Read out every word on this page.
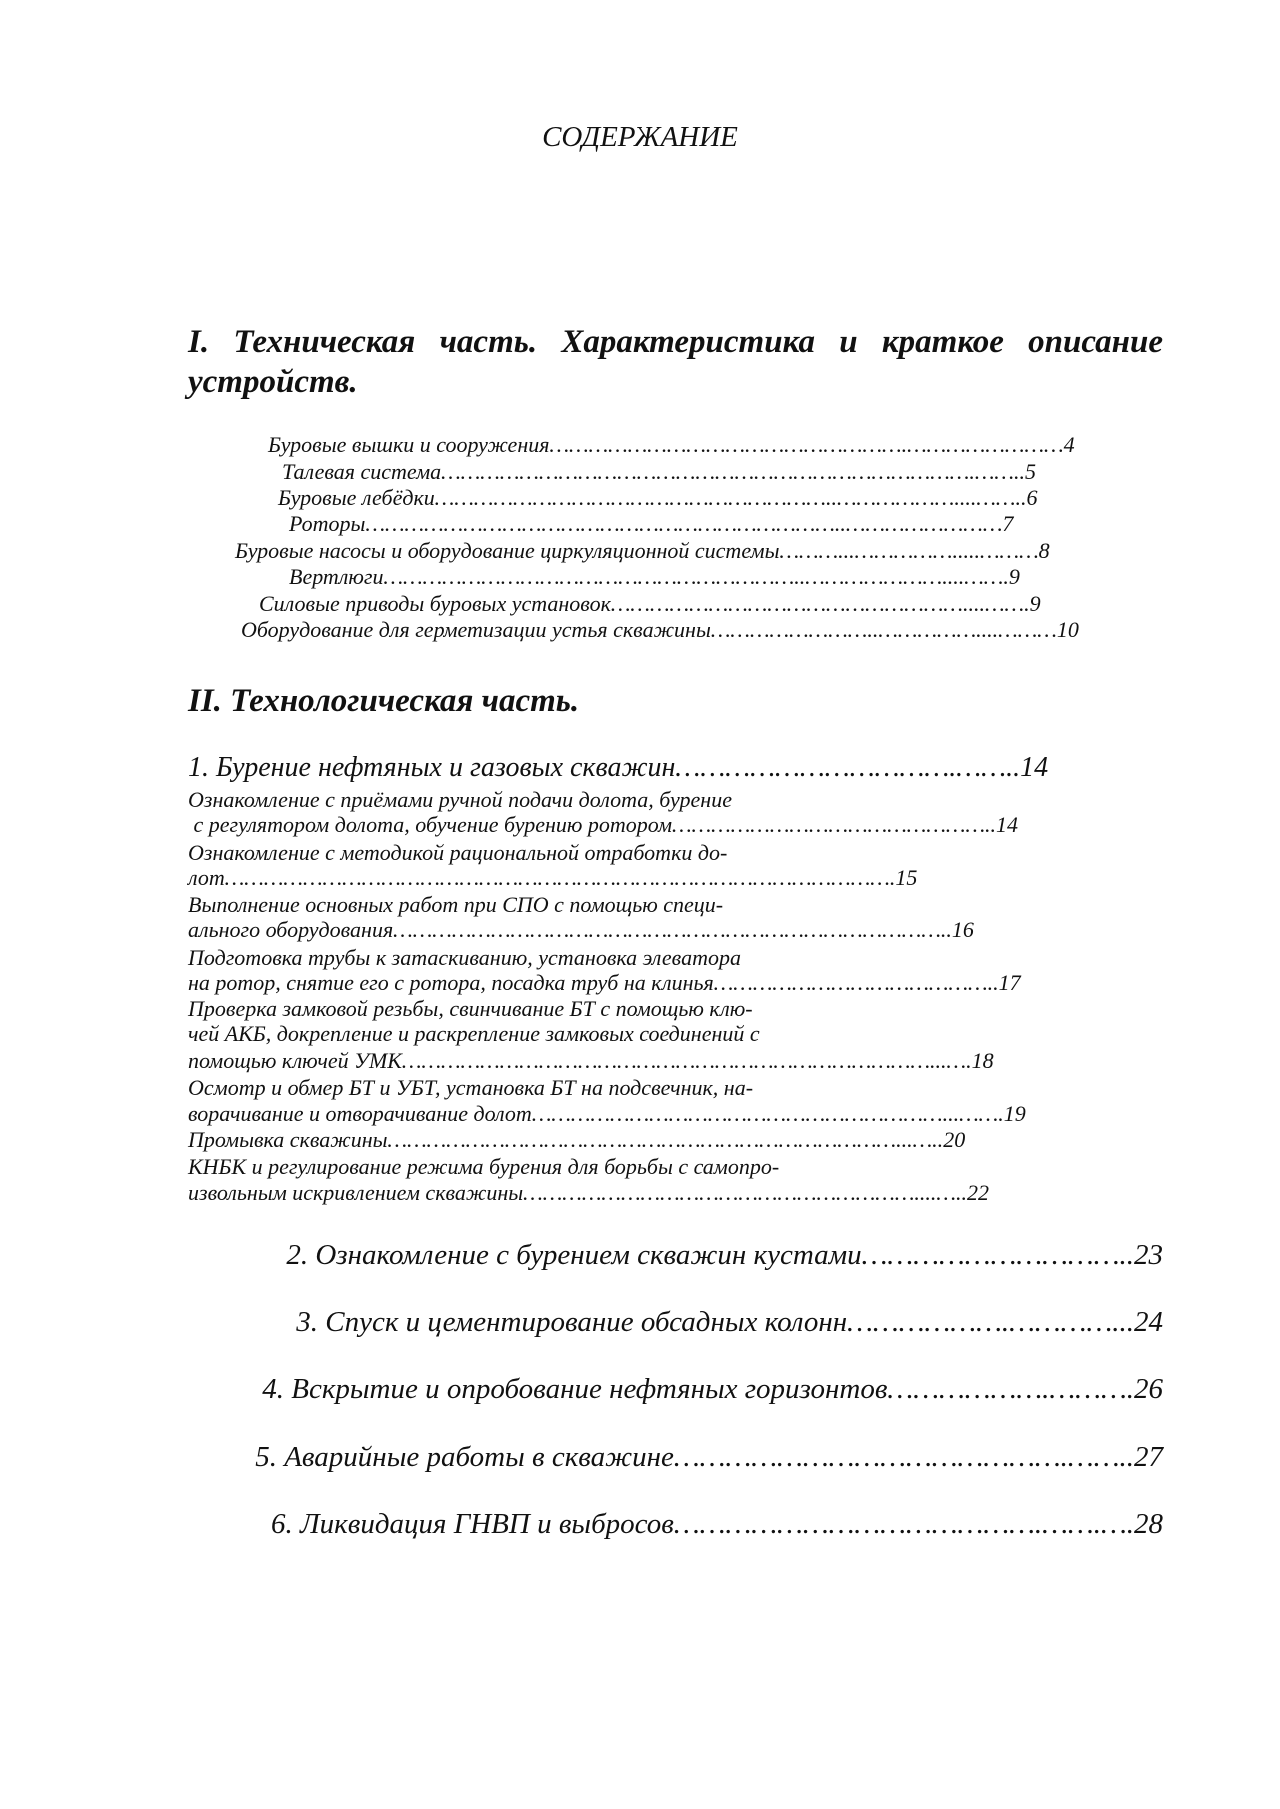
СОДЕРЖАНИЕ
I. Техническая часть. Характеристика и краткое описание устройств.
Буровые вышки и сооружения……………………………………………….……………………4
Талевая система……………………………………………………………………….……..5
Буровые лебёдки……………………………………………………..………………....……..6
Роторы………………………………………………………………..……………………7
Буровые насосы и оборудование циркуляционной системы………...…………….....………8
Вертлюги………………………………………………………..…………………....…….9
Силовые приводы буровых установок………………………………………………....…….9
Оборудование для герметизации устья скважины……………………..……………....………10
II. Технологическая часть.
1. Бурение нефтяных и газовых скважин…………………………….……..14
Ознакомление с приёмами ручной подачи долота, бурение
с регулятором долота, обучение бурению ротором…………………………………………..14
Ознакомление с методикой рациональной отработки до-
лот………………………………………………………………………………………….15
Выполнение основных работ при СПО с помощью специ-
ального оборудования…………………………………………………………………………..16
Подготовка трубы к затаскиванию, установка элеватора
на ротор, снятие его с ротора, посадка труб на клинья……………………………………..17
Проверка замковой резьбы, свинчивание БТ с помощью клю-
чей АКБ, докрепление и раскрепление замковых соединений с
помощью ключей УМК………………………………………………………………………...….18
Осмотр и обмер БТ и УБТ, установка БТ на подсвечник, на-
ворачивание и отворачивание долот………………………………………………………...…….19
Промывка скважины……………………………………………………………………...…..20
КНБК и регулирование режима бурения для борьбы с самопро-
извольным искривлением скважины……………………………………………………....…..22
2. Ознакомление с бурением скважин кустами…………………………..23
3. Спуск и цементирование обсадных колонн……………….…………...24
4. Вскрытие и опробование нефтяных горизонтов……………….……….26
5. Аварийные работы в скважине……………………………………….……..27
6. Ликвидация ГНВП и выбросов…………………………………….…….….28
